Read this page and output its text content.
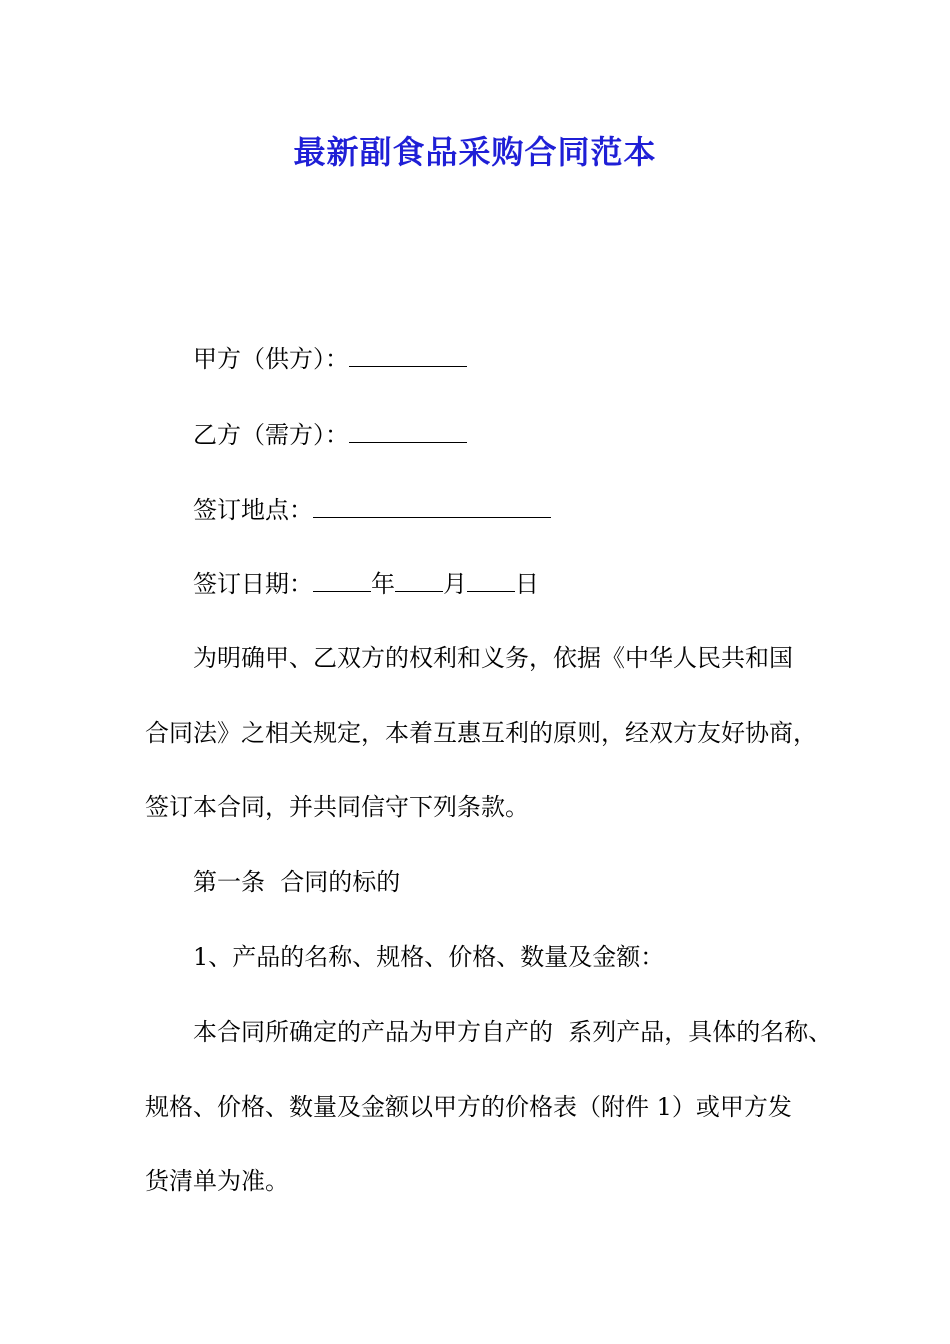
最新副食品采购合同范本
甲方（供方）：
乙方（需方）：
签订地点：
签订日期： 年 月 日
为明确甲、乙双方的权利和义务，依据《中华人民共和国
合同法》之相关规定，本着互惠互利的原则，经双方友好协商，
签订本合同，并共同信守下列条款。
第一条  合同的标的
1、产品的名称、规格、价格、数量及金额：
本合同所确定的产品为甲方自产的  系列产品，具体的名称、
规格、价格、数量及金额以甲方的价格表（附件 1）或甲方发
货清单为准。
